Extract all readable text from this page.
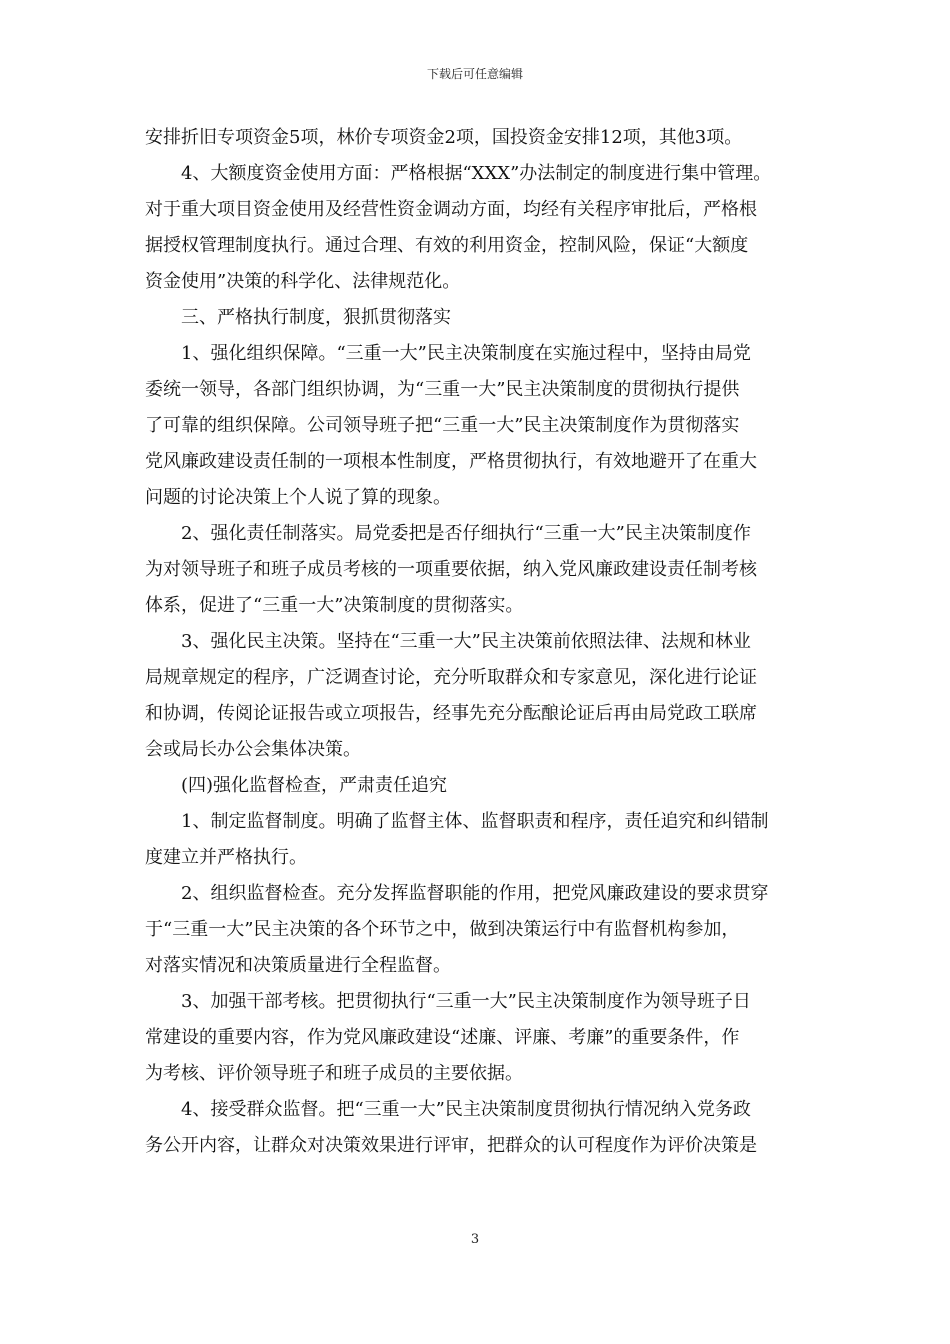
下载后可任意编辑
安排折旧专项资金5项，林价专项资金2项，国投资金安排12项，其他3项。
4、大额度资金使用方面：严格根据“XXX”办法制定的制度进行集中管理。
对于重大项目资金使用及经营性资金调动方面，均经有关程序审批后，严格根
据授权管理制度执行。通过合理、有效的利用资金，控制风险，保证“大额度
资金使用”决策的科学化、法律规范化。
三、严格执行制度，狠抓贯彻落实
1、强化组织保障。“三重一大”民主决策制度在实施过程中，坚持由局党
委统一领导，各部门组织协调，为“三重一大”民主决策制度的贯彻执行提供
了可靠的组织保障。公司领导班子把“三重一大”民主决策制度作为贯彻落实
党风廉政建设责任制的一项根本性制度，严格贯彻执行，有效地避开了在重大
问题的讨论决策上个人说了算的现象。
2、强化责任制落实。局党委把是否仔细执行“三重一大”民主决策制度作
为对领导班子和班子成员考核的一项重要依据，纳入党风廉政建设责任制考核
体系，促进了“三重一大”决策制度的贯彻落实。
3、强化民主决策。坚持在“三重一大”民主决策前依照法律、法规和林业
局规章规定的程序，广泛调查讨论，充分听取群众和专家意见，深化进行论证
和协调，传阅论证报告或立项报告，经事先充分酝酿论证后再由局党政工联席
会或局长办公会集体决策。
(四)强化监督检查，严肃责任追究
1、制定监督制度。明确了监督主体、监督职责和程序，责任追究和纠错制
度建立并严格执行。
2、组织监督检查。充分发挥监督职能的作用，把党风廉政建设的要求贯穿
于“三重一大”民主决策的各个环节之中，做到决策运行中有监督机构参加，
对落实情况和决策质量进行全程监督。
3、加强干部考核。把贯彻执行“三重一大”民主决策制度作为领导班子日
常建设的重要内容，作为党风廉政建设“述廉、评廉、考廉”的重要条件，作
为考核、评价领导班子和班子成员的主要依据。
4、接受群众监督。把“三重一大”民主决策制度贯彻执行情况纳入党务政
务公开内容，让群众对决策效果进行评审，把群众的认可程度作为评价决策是
3
